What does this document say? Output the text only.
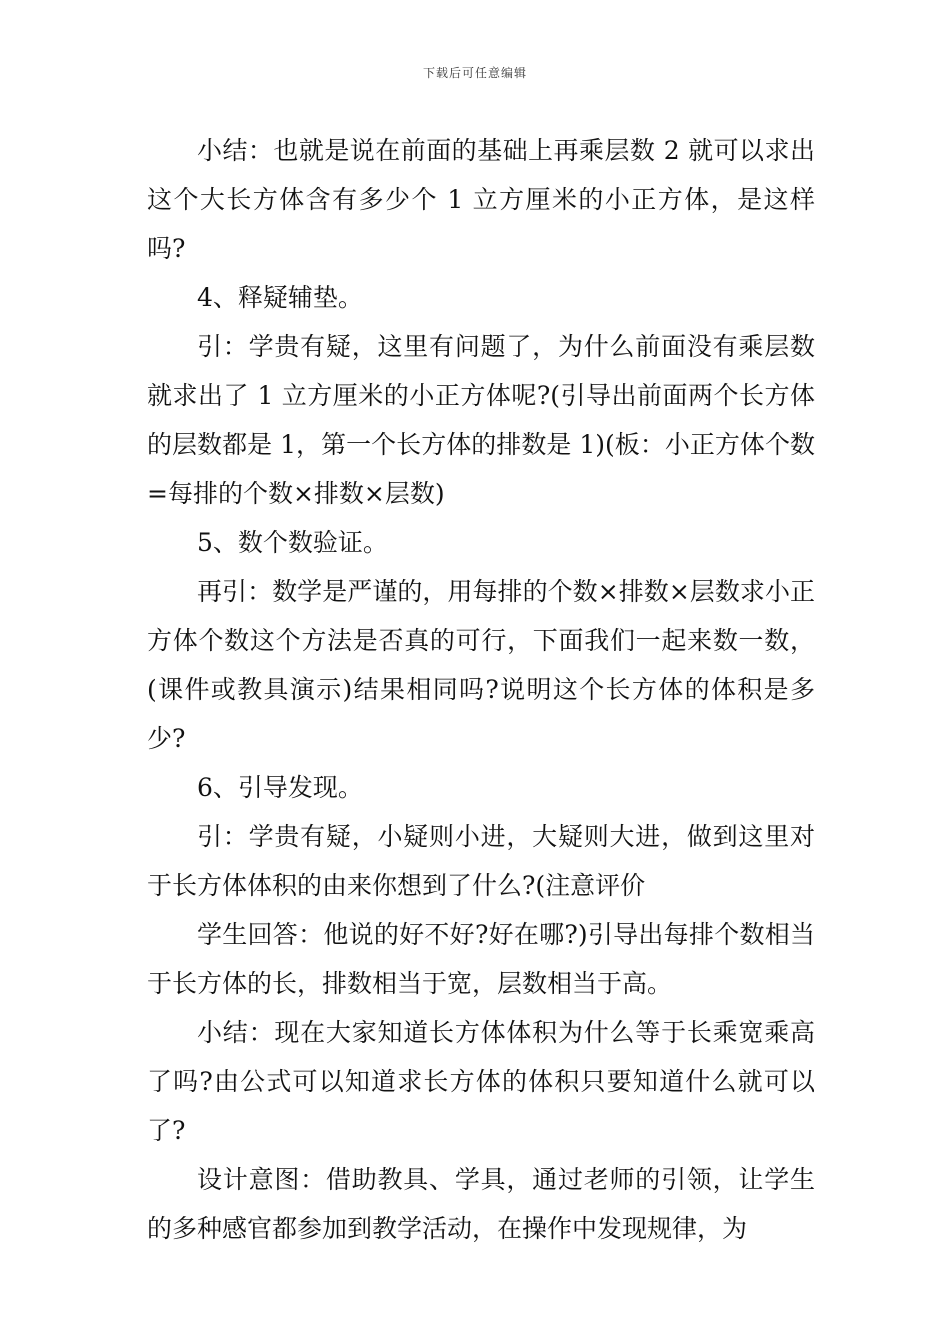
下载后可任意编辑

小结：也就是说在前面的基础上再乘层数 2 就可以求出这个大长方体含有多少个 1 立方厘米的小正方体，是这样吗?

4、释疑辅垫。

引：学贵有疑，这里有问题了，为什么前面没有乘层数就求出了 1 立方厘米的小正方体呢?(引导出前面两个长方体的层数都是 1，第一个长方体的排数是 1)(板：小正方体个数=每排的个数×排数×层数)

5、数个数验证。

再引：数学是严谨的，用每排的个数×排数×层数求小正方体个数这个方法是否真的可行，下面我们一起来数一数，(课件或教具演示)结果相同吗?说明这个长方体的体积是多少?

6、引导发现。

引：学贵有疑，小疑则小进，大疑则大进，做到这里对于长方体体积的由来你想到了什么?(注意评价

学生回答：他说的好不好?好在哪?)引导出每排个数相当于长方体的长，排数相当于宽，层数相当于高。

小结：现在大家知道长方体体积为什么等于长乘宽乘高了吗?由公式可以知道求长方体的体积只要知道什么就可以了?

设计意图：借助教具、学具，通过老师的引领，让学生的多种感官都参加到教学活动，在操作中发现规律，为
